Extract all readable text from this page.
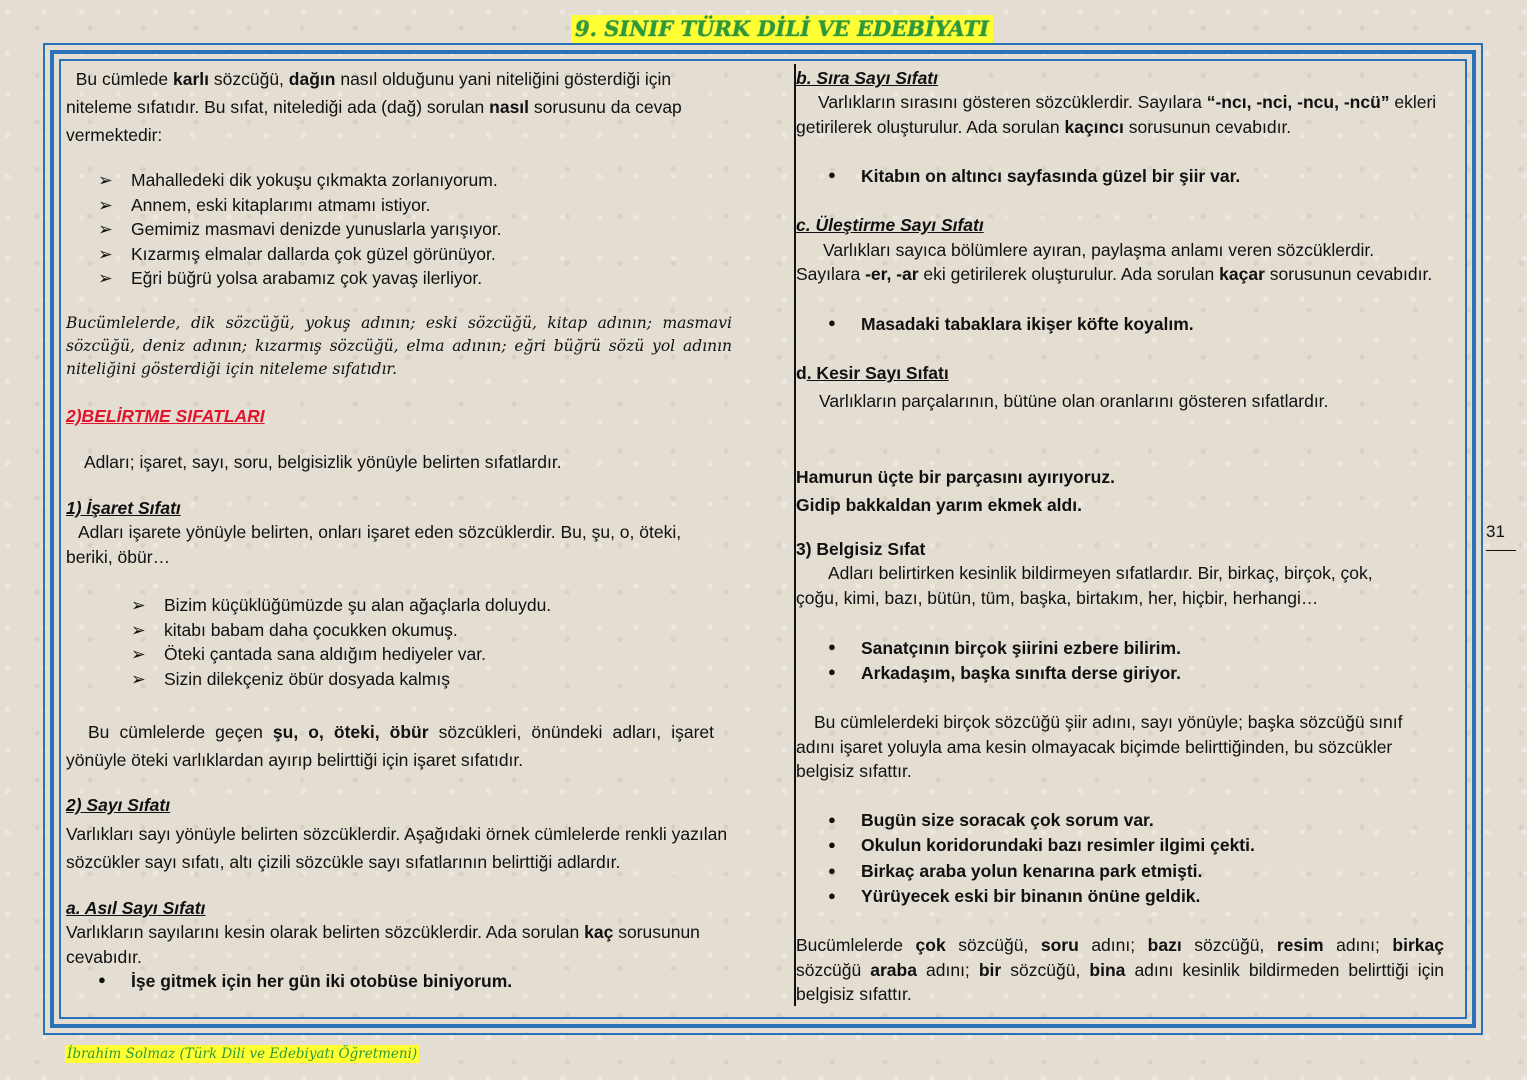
9. SINIF TÜRK DİLİ VE EDEBİYATI

Bu cümlede karlı sözcüğü, dağın nasıl olduğunu yani niteliğini gösterdiği için niteleme sıfatıdır. Bu sıfat, nitelediği ada (dağ) sorulan nasıl sorusunu da cevap vermektedir:

➢ Mahalledeki dik yokuşu çıkmakta zorlanıyorum.
➢ Annem, eski kitaplarımı atmamı istiyor.
➢ Gemimiz masmavi denizde yunuslarla yarışıyor.
➢ Kızarmış elmalar dallarda çok güzel görünüyor.
➢ Eğri büğrü yolsa arabamız çok yavaş ilerliyor.

Bucümlelerde, dik sözcüğü, yokuş adının; eski sözcüğü, kitap adının; masmavi sözcüğü, deniz adının; kızarmış sözcüğü, elma adının; eğri büğrü sözü yol adının niteliğini gösterdiği için niteleme sıfatıdır.

2)BELİRTME SIFATLARI

Adları; işaret, sayı, soru, belgisizlik yönüyle belirten sıfatlardır.

1) İşaret Sıfatı

Adları işarete yönüyle belirten, onları işaret eden sözcüklerdir. Bu, şu, o, öteki, beriki, öbür…

➢ Bizim küçüklüğümüzde şu alan ağaçlarla doluydu.
➢ kitabı babam daha çocukken okumuş.
➢ Öteki çantada sana aldığım hediyeler var.
➢ Sizin dilekçeniz öbür dosyada kalmış

Bu cümlelerde geçen şu, o, öteki, öbür sözcükleri, önündeki adları, işaret yönüyle öteki varlıklardan ayırıp belirttiği için işaret sıfatıdır.

2) Sayı Sıfatı

Varlıkları sayı yönüyle belirten sözcüklerdir. Aşağıdaki örnek cümlelerde renkli yazılan sözcükler sayı sıfatı, altı çizili sözcükle sayı sıfatlarının belirttiği adlardır.

a. Asıl Sayı Sıfatı

Varlıkların sayılarını kesin olarak belirten sözcüklerdir. Ada sorulan kaç sorusunun cevabıdır.

● İşe gitmek için her gün iki otobüse biniyorum.

b. Sıra Sayı Sıfatı

Varlıkların sırasını gösteren sözcüklerdir. Sayılara “-ncı, -nci, -ncu, -ncü” ekleri getirilerek oluşturulur. Ada sorulan kaçıncı sorusunun cevabıdır.

● Kitabın on altıncı sayfasında güzel bir şiir var.

c. Üleştirme Sayı Sıfatı

Varlıkları sayıca bölümlere ayıran, paylaşma anlamı veren sözcüklerdir.

Sayılara -er, -ar eki getirilerek oluşturulur. Ada sorulan kaçar sorusunun cevabıdır.

● Masadaki tabaklara ikişer köfte koyalım.

d. Kesir Sayı Sıfatı

Varlıkların parçalarının, bütüne olan oranlarını gösteren sıfatlardır.

Hamurun üçte bir parçasını ayırıyoruz.

Gidip bakkaldan yarım ekmek aldı.

3) Belgisiz Sıfat

Adları belirtirken kesinlik bildirmeyen sıfatlardır. Bir, birkaç, birçok, çok,

çoğu, kimi, bazı, bütün, tüm, başka, birtakım, her, hiçbir, herhangi…

● Sanatçının birçok şiirini ezbere bilirim.
● Arkadaşım, başka sınıfta derse giriyor.

Bu cümlelerdeki birçok sözcüğü şiir adını, sayı yönüyle; başka sözcüğü sınıf adını işaret yoluyla ama kesin olmayacak biçimde belirttiğinden, bu sözcükler belgisiz sıfattır.

● Bugün size soracak çok sorum var.
● Okulun koridorundaki bazı resimler ilgimi çekti.
● Birkaç araba yolun kenarına park etmişti.
● Yürüyecek eski bir binanın önüne geldik.

Bucümlelerde çok sözcüğü, soru adını; bazı sözcüğü, resim adını; birkaç sözcüğü araba adını; bir sözcüğü, bina adını kesinlik bildirmeden belirttiği için belgisiz sıfattır.

31
İbrahim Solmaz (Türk Dili ve Edebiyatı Öğretmeni)
